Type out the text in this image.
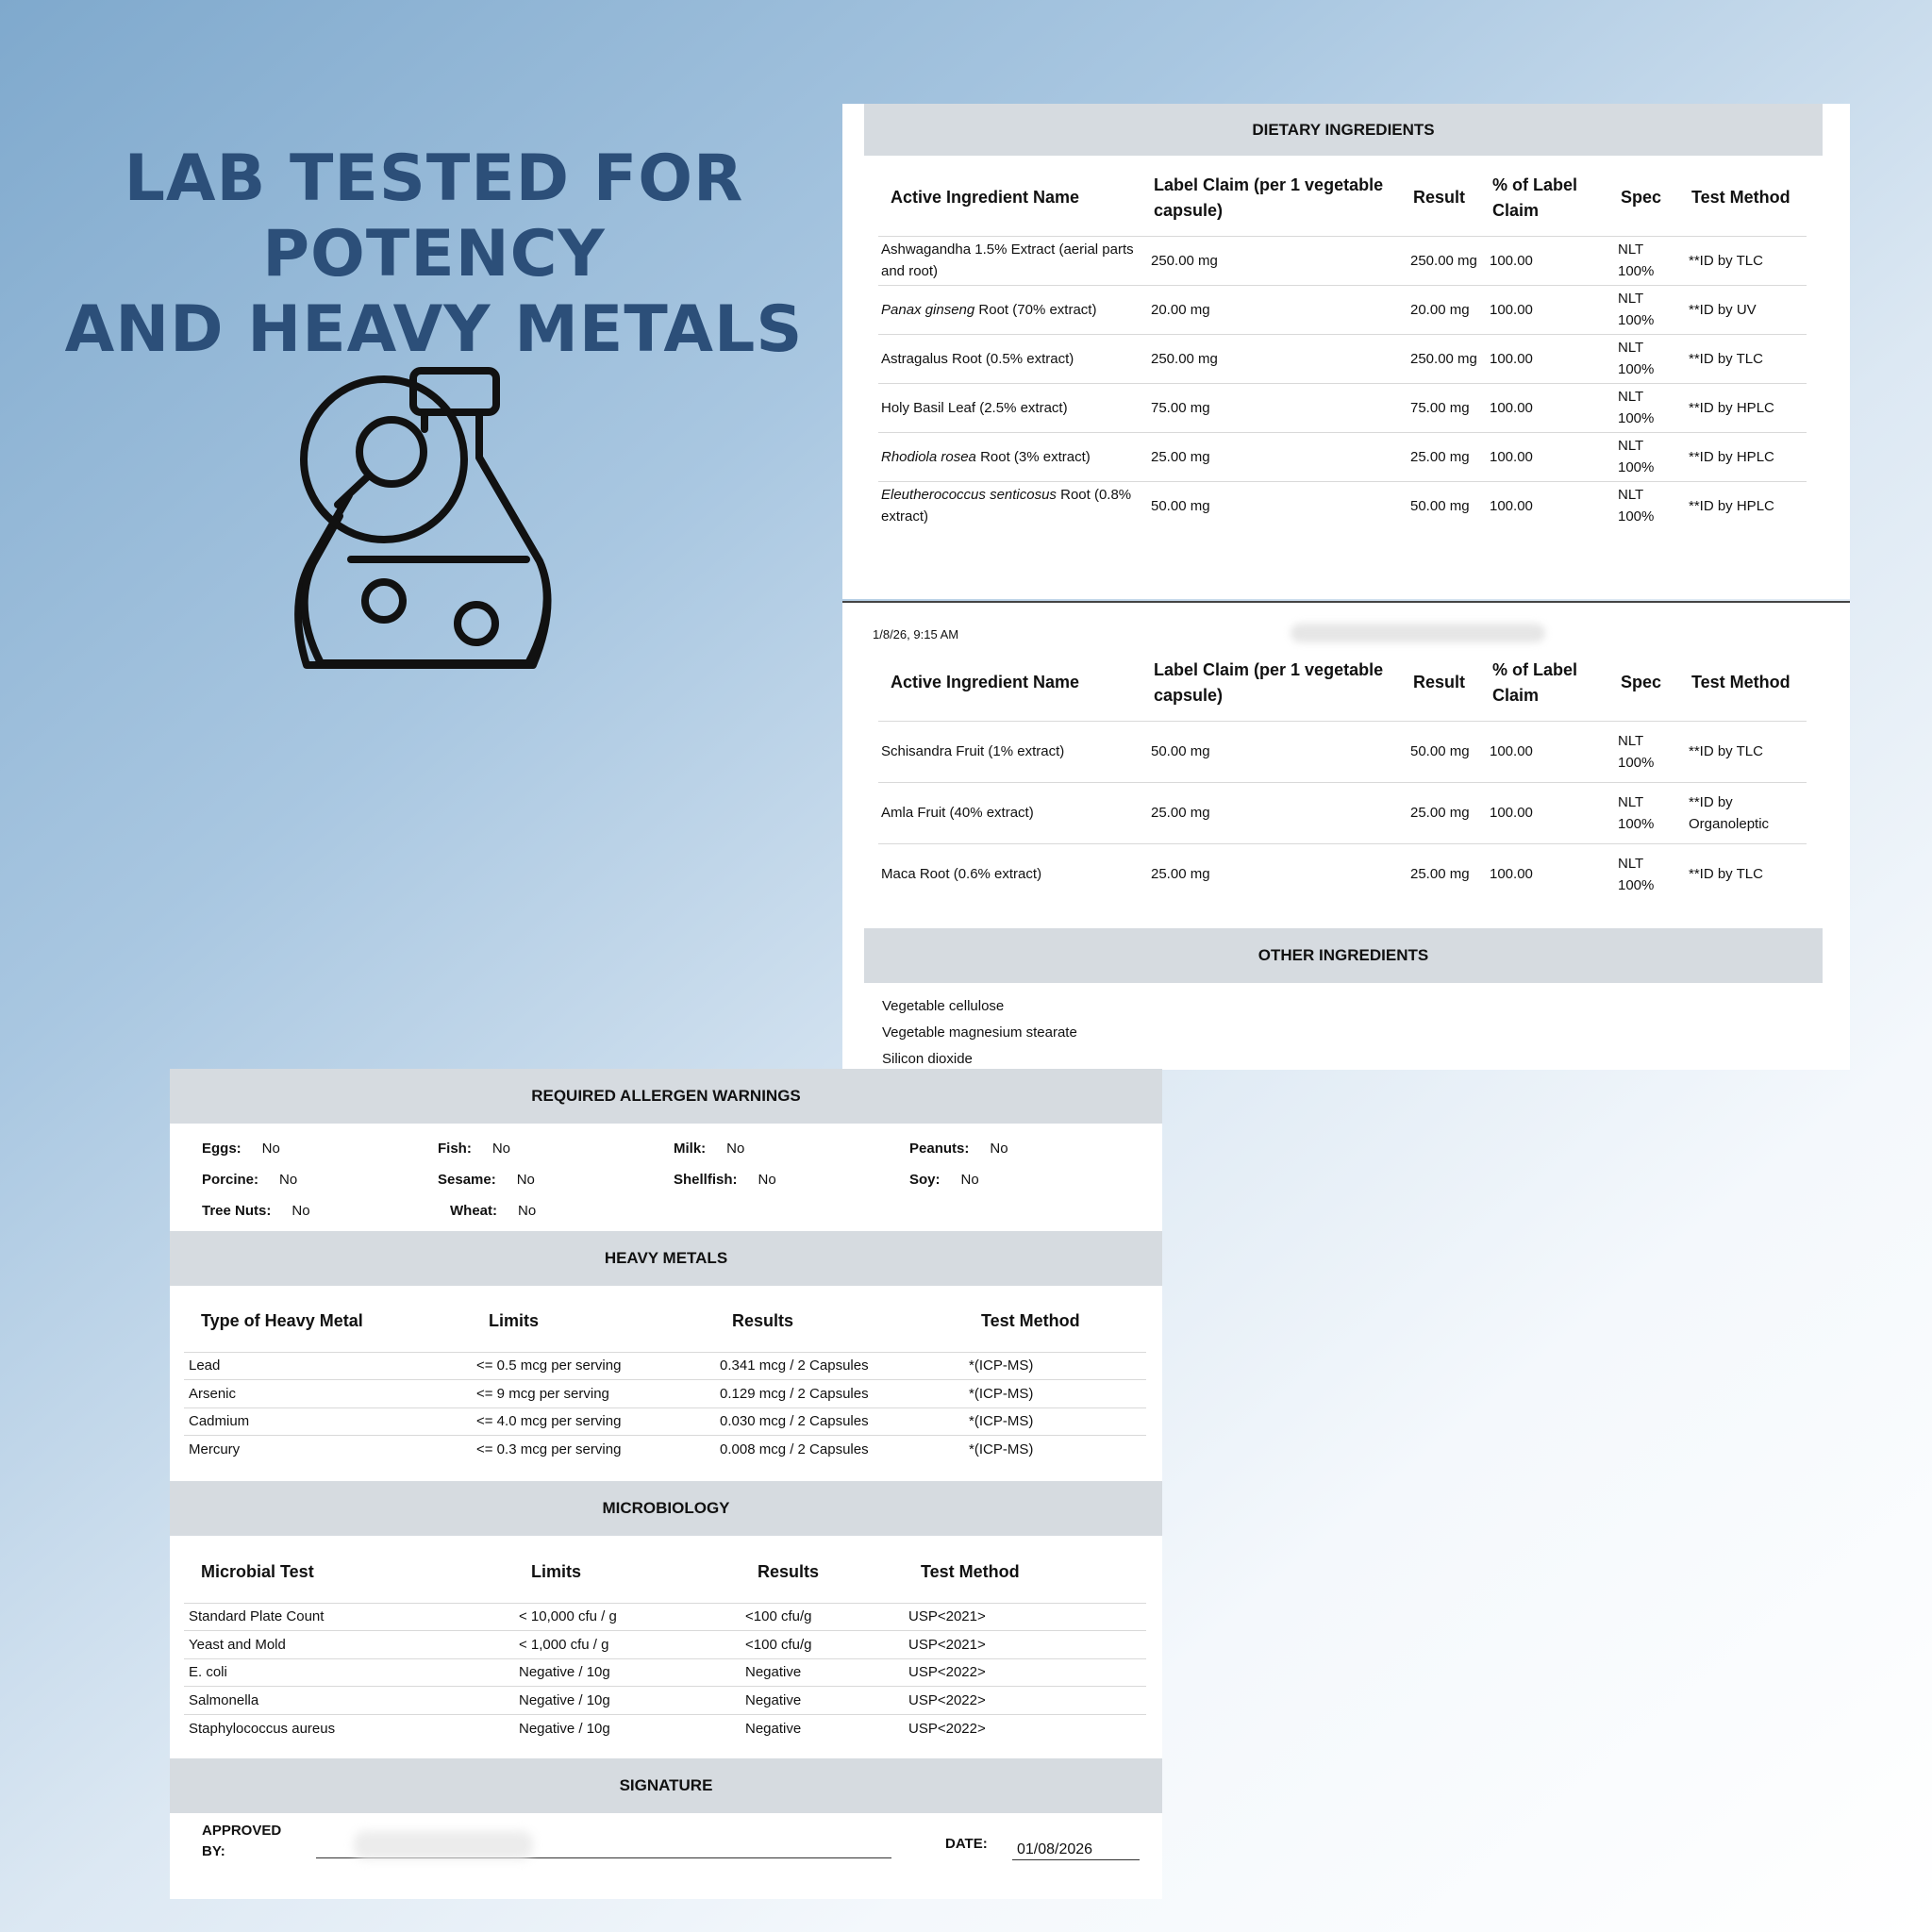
LAB TESTED FOR POTENCY
AND HEAVY METALS
DIETARY INGREDIENTS
Active Ingredient Name	Label Claim (per 1 vegetable capsule)	Result	% of Label Claim	Spec	Test Method
Ashwagandha 1.5% Extract (aerial parts and root)	250.00 mg	250.00 mg	100.00	NLT 100%	**ID by TLC
Panax ginseng Root (70% extract)	20.00 mg	20.00 mg	100.00	NLT 100%	**ID by UV
Astragalus Root (0.5% extract)	250.00 mg	250.00 mg	100.00	NLT 100%	**ID by TLC
Holy Basil Leaf (2.5% extract)	75.00 mg	75.00 mg	100.00	NLT 100%	**ID by HPLC
Rhodiola rosea Root (3% extract)	25.00 mg	25.00 mg	100.00	NLT 100%	**ID by HPLC
Eleutherococcus senticosus Root (0.8% extract)	50.00 mg	50.00 mg	100.00	NLT 100%	**ID by HPLC
1/8/26, 9:15 AM
Active Ingredient Name	Label Claim (per 1 vegetable capsule)	Result	% of Label Claim	Spec	Test Method
Schisandra Fruit (1% extract)	50.00 mg	50.00 mg	100.00	NLT 100%	**ID by TLC
Amla Fruit (40% extract)	25.00 mg	25.00 mg	100.00	NLT 100%	**ID by Organoleptic
Maca Root (0.6% extract)	25.00 mg	25.00 mg	100.00	NLT 100%	**ID by TLC
OTHER INGREDIENTS
Vegetable cellulose
Vegetable magnesium stearate
Silicon dioxide
REQUIRED ALLERGEN WARNINGS
Eggs: No	Fish: No	Milk: No	Peanuts: No
Porcine: No	Sesame: No	Shellfish: No	Soy: No
Tree Nuts: No	Wheat: No
HEAVY METALS
Type of Heavy Metal	Limits	Results	Test Method
Lead	<= 0.5 mcg per serving	0.341 mcg / 2 Capsules	*(ICP-MS)
Arsenic	<= 9 mcg per serving	0.129 mcg / 2 Capsules	*(ICP-MS)
Cadmium	<= 4.0 mcg per serving	0.030 mcg / 2 Capsules	*(ICP-MS)
Mercury	<= 0.3 mcg per serving	0.008 mcg / 2 Capsules	*(ICP-MS)
MICROBIOLOGY
Microbial Test	Limits	Results	Test Method
Standard Plate Count	< 10,000 cfu / g	<100 cfu/g	USP<2021>
Yeast and Mold	< 1,000 cfu / g	<100 cfu/g	USP<2021>
E. coli	Negative / 10g	Negative	USP<2022>
Salmonella	Negative / 10g	Negative	USP<2022>
Staphylococcus aureus	Negative / 10g	Negative	USP<2022>
SIGNATURE
APPROVED
BY:	DATE:	01/08/2026
